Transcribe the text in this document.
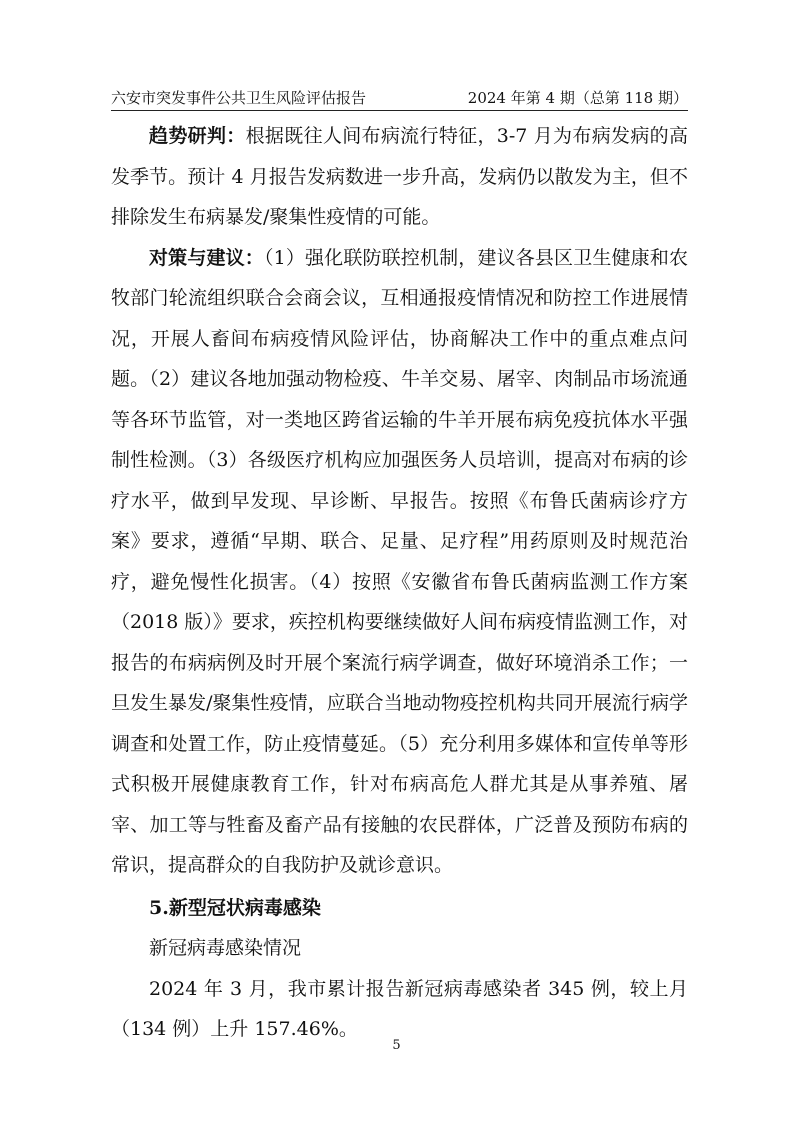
六安市突发事件公共卫生风险评估报告	2024 年第 4 期（总第 118 期）

趋势研判：根据既往人间布病流行特征，3-7 月为布病发病的高发季节。预计 4 月报告发病数进一步升高，发病仍以散发为主，但不排除发生布病暴发/聚集性疫情的可能。

对策与建议：（1）强化联防联控机制，建议各县区卫生健康和农牧部门轮流组织联合会商会议，互相通报疫情情况和防控工作进展情况，开展人畜间布病疫情风险评估，协商解决工作中的重点难点问题。（2）建议各地加强动物检疫、牛羊交易、屠宰、肉制品市场流通等各环节监管，对一类地区跨省运输的牛羊开展布病免疫抗体水平强制性检测。（3）各级医疗机构应加强医务人员培训，提高对布病的诊疗水平，做到早发现、早诊断、早报告。按照《布鲁氏菌病诊疗方案》要求，遵循“早期、联合、足量、足疗程”用药原则及时规范治疗，避免慢性化损害。（4）按照《安徽省布鲁氏菌病监测工作方案（2018 版）》要求，疾控机构要继续做好人间布病疫情监测工作，对报告的布病病例及时开展个案流行病学调查，做好环境消杀工作；一旦发生暴发/聚集性疫情，应联合当地动物疫控机构共同开展流行病学调查和处置工作，防止疫情蔓延。（5）充分利用多媒体和宣传单等形式积极开展健康教育工作，针对布病高危人群尤其是从事养殖、屠宰、加工等与牲畜及畜产品有接触的农民群体，广泛普及预防布病的常识，提高群众的自我防护及就诊意识。

5.新型冠状病毒感染

新冠病毒感染情况

2024 年 3 月，我市累计报告新冠病毒感染者 345 例，较上月（134 例）上升 157.46%。

5
